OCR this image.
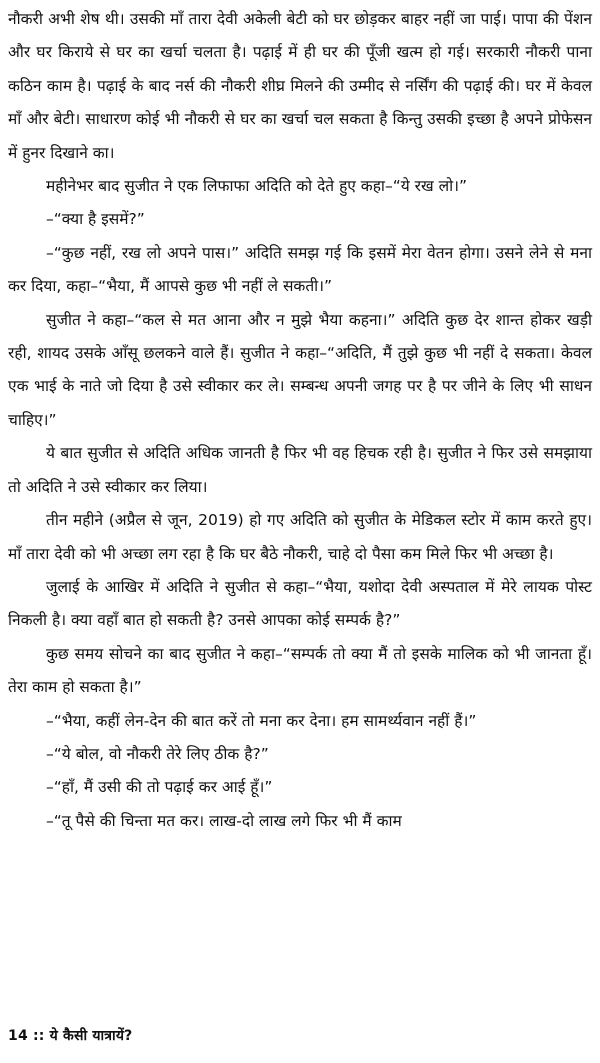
नौकरी अभी शेष थी। उसकी माँ तारा देवी अकेली बेटी को घर छोड़कर बाहर नहीं जा पाई। पापा की पेंशन और घर किराये से घर का खर्चा चलता है। पढ़ाई में ही घर की पूँजी खत्म हो गई। सरकारी नौकरी पाना कठिन काम है। पढ़ाई के बाद नर्स की नौकरी शीघ्र मिलने की उम्मीद से नर्सिंग की पढ़ाई की। घर में केवल माँ और बेटी। साधारण कोई भी नौकरी से घर का खर्चा चल सकता है किन्तु उसकी इच्छा है अपने प्रोफेसन में हुनर दिखाने का।

महीनेभर बाद सुजीत ने एक लिफाफा अदिति को देते हुए कहा–“ये रख लो।”

–“क्या है इसमें?”

–“कुछ नहीं, रख लो अपने पास।” अदिति समझ गई कि इसमें मेरा वेतन होगा। उसने लेने से मना कर दिया, कहा–“भैया, मैं आपसे कुछ भी नहीं ले सकती।”

सुजीत ने कहा–“कल से मत आना और न मुझे भैया कहना।” अदिति कुछ देर शान्त होकर खड़ी रही, शायद उसके आँसू छलकने वाले हैं। सुजीत ने कहा–“अदिति, मैं तुझे कुछ भी नहीं दे सकता। केवल एक भाई के नाते जो दिया है उसे स्वीकार कर ले। सम्बन्ध अपनी जगह पर है पर जीने के लिए भी साधन चाहिए।”

ये बात सुजीत से अदिति अधिक जानती है फिर भी वह हिचक रही है। सुजीत ने फिर उसे समझाया तो अदिति ने उसे स्वीकार कर लिया।

तीन महीने (अप्रैल से जून, 2019) हो गए अदिति को सुजीत के मेडिकल स्टोर में काम करते हुए। माँ तारा देवी को भी अच्छा लग रहा है कि घर बैठे नौकरी, चाहे दो पैसा कम मिले फिर भी अच्छा है।

जुलाई के आखिर में अदिति ने सुजीत से कहा–“भैया, यशोदा देवी अस्पताल में मेरे लायक पोस्ट निकली है। क्या वहाँ बात हो सकती है? उनसे आपका कोई सम्पर्क है?”

कुछ समय सोचने का बाद सुजीत ने कहा–“सम्पर्क तो क्या मैं तो इसके मालिक को भी जानता हूँ। तेरा काम हो सकता है।”

–“भैया, कहीं लेन-देन की बात करें तो मना कर देना। हम सामर्थ्यवान नहीं हैं।”

–“ये बोल, वो नौकरी तेरे लिए ठीक है?”

–“हाँ, मैं उसी की तो पढ़ाई कर आई हूँ।”

–“तू पैसे की चिन्ता मत कर। लाख-दो लाख लगे फिर भी मैं काम

14 :: ये कैसी यात्रायें?
